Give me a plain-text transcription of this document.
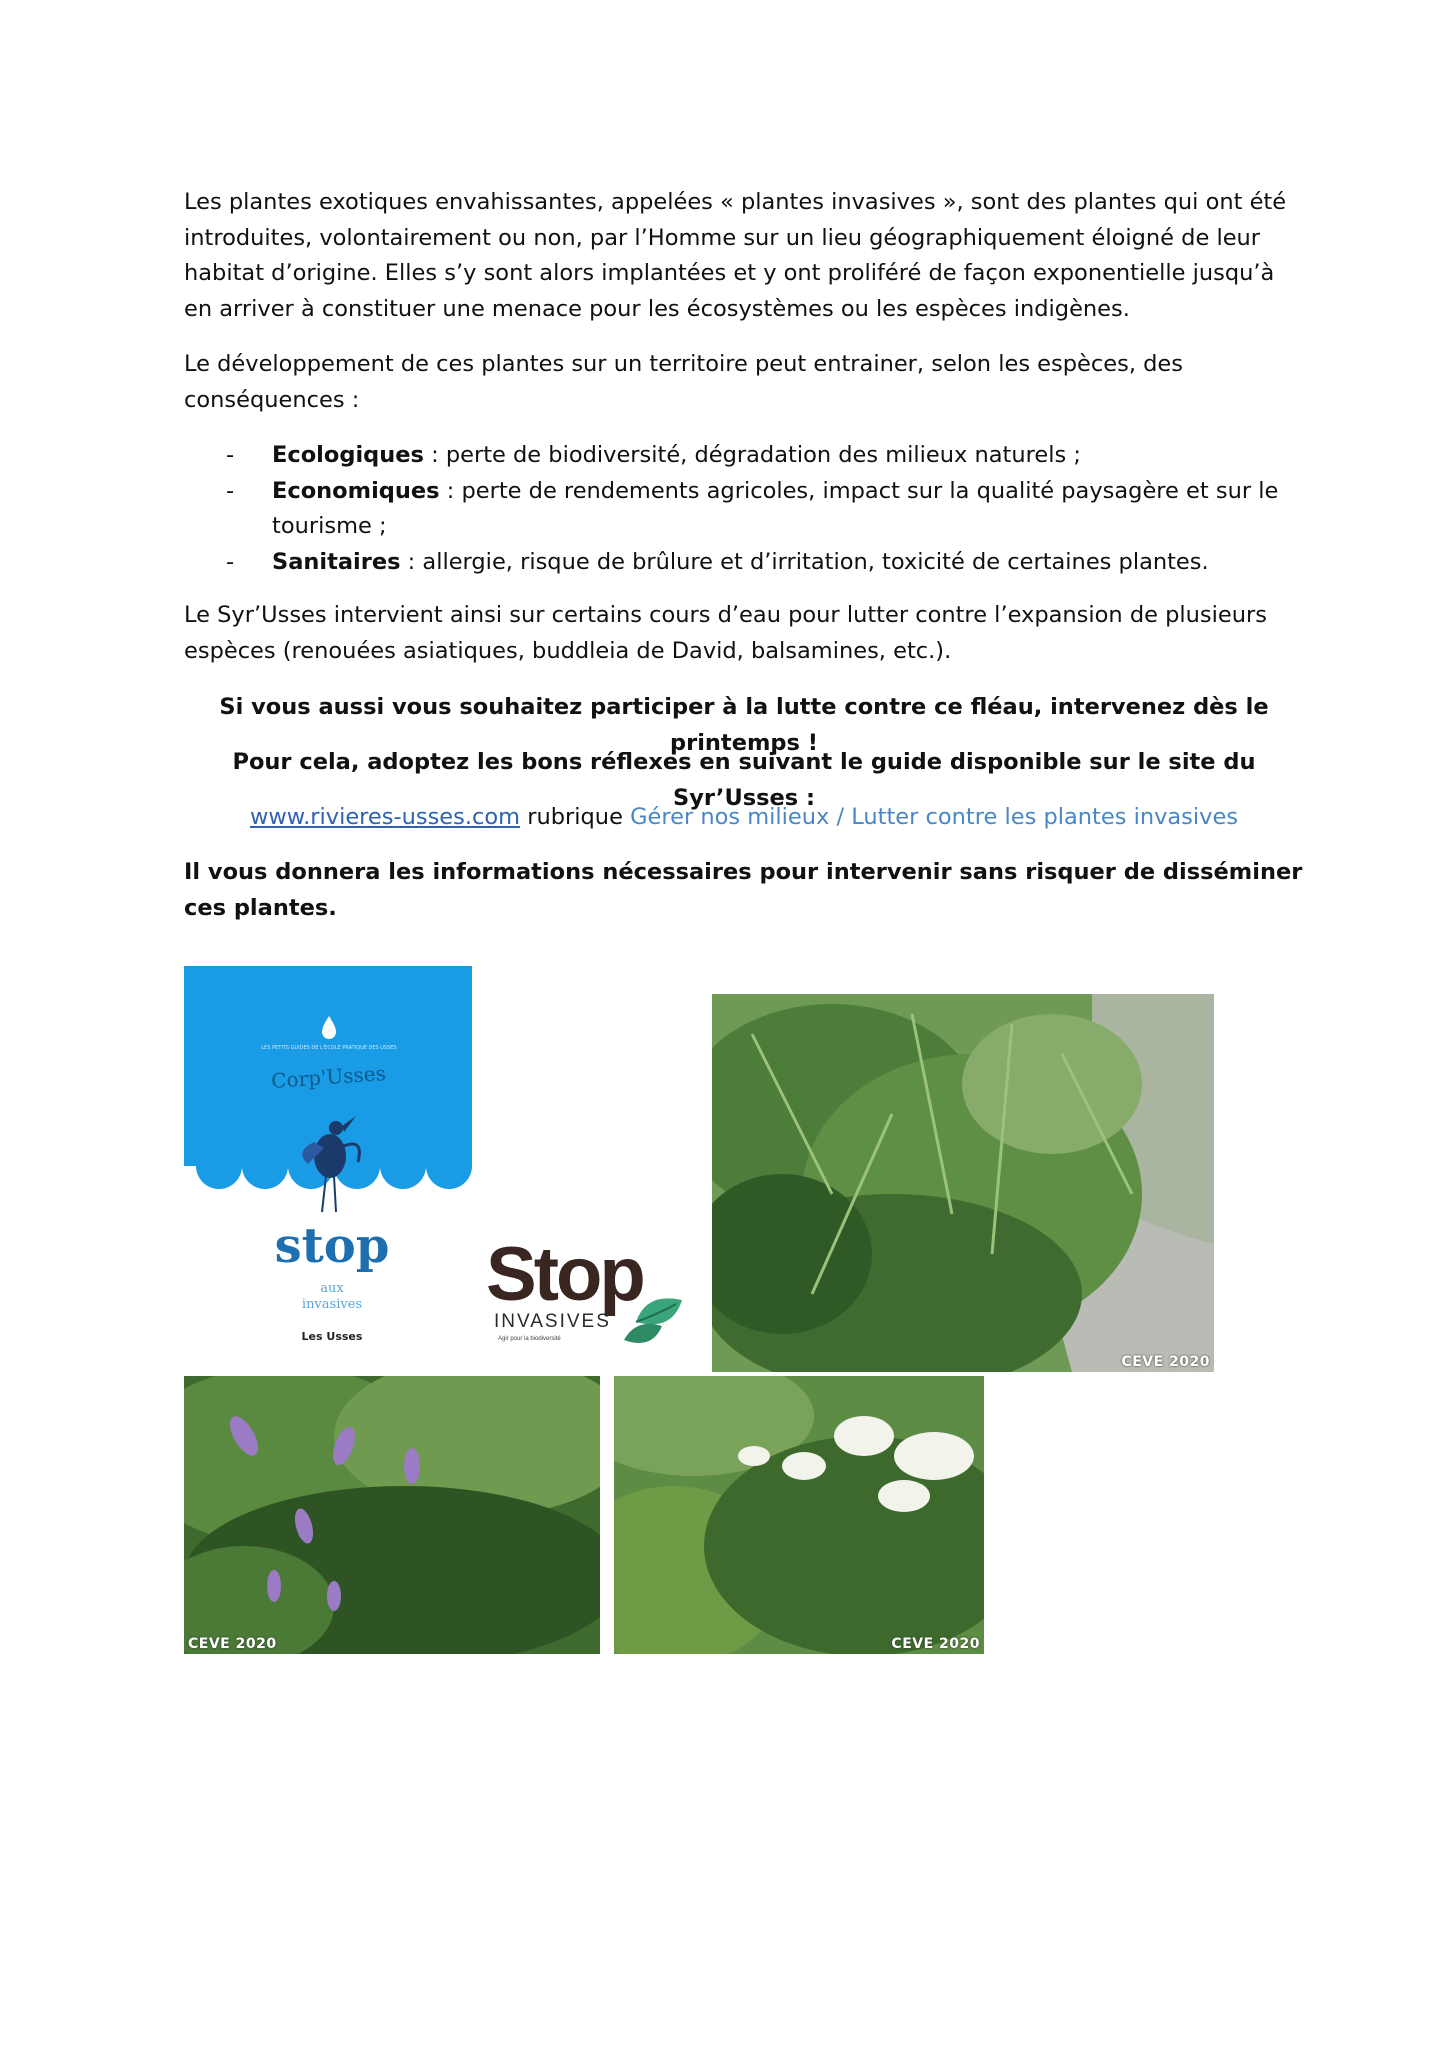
Les plantes exotiques envahissantes, appelées « plantes invasives », sont des plantes qui ont été introduites, volontairement ou non, par l’Homme sur un lieu géographiquement éloigné de leur habitat d’origine. Elles s’y sont alors implantées et y ont proliféré de façon exponentielle jusqu’à en arriver à constituer une menace pour les écosystèmes ou les espèces indigènes.

Le développement de ces plantes sur un territoire peut entrainer, selon les espèces, des conséquences :

- Ecologiques : perte de biodiversité, dégradation des milieux naturels ;
- Economiques : perte de rendements agricoles, impact sur la qualité paysagère et sur le tourisme ;
- Sanitaires : allergie, risque de brûlure et d’irritation, toxicité de certaines plantes.

Le Syr’Usses intervient ainsi sur certains cours d’eau pour lutter contre l’expansion de plusieurs espèces (renouées asiatiques, buddleia de David, balsamines, etc.).

Si vous aussi vous souhaitez participer à la lutte contre ce fléau, intervenez dès le printemps !
Pour cela, adoptez les bons réflexes en suivant le guide disponible sur le site du Syr’Usses :
www.rivieres-usses.com rubrique Gérer nos milieux / Lutter contre les plantes invasives
Il vous donnera les informations nécessaires pour intervenir sans risquer de disséminer ces plantes.
LES PETITS GUIDES DE L'ECOLE PRATIQUE DES USSES
Corp'Usses
stop
aux
invasives
Les Usses
Stop
INVASIVES
Agir pour la biodiversité
CEVE 2020
CEVE 2020	CEVE 2020
